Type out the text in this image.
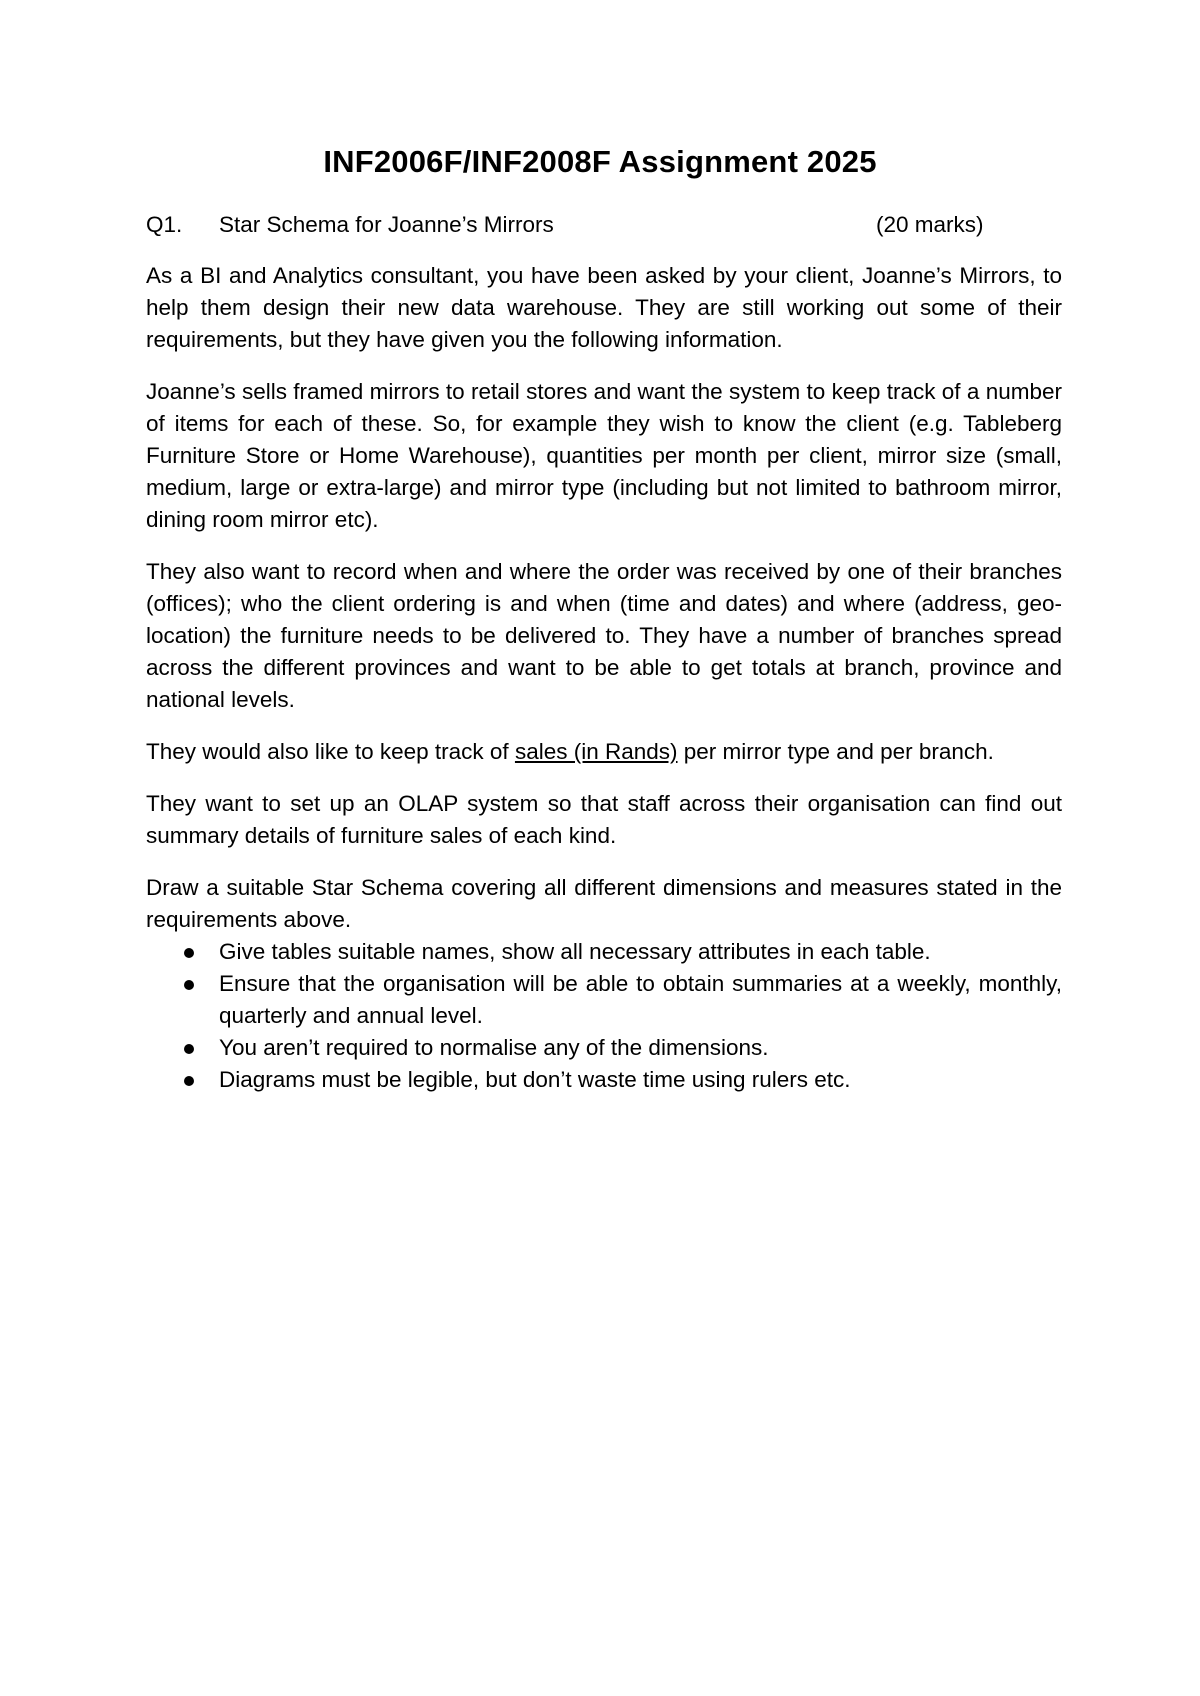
INF2006F/INF2008F Assignment 2025
Q1. Star Schema for Joanne’s Mirrors	(20 marks)

As a BI and Analytics consultant, you have been asked by your client, Joanne’s Mirrors, to help them design their new data warehouse. They are still working out some of their requirements, but they have given you the following information.

Joanne’s sells framed mirrors to retail stores and want the system to keep track of a number of items for each of these. So, for example they wish to know the client (e.g. Tableberg Furniture Store or Home Warehouse), quantities per month per client, mirror size (small, medium, large or extra-large) and mirror type (including but not limited to bathroom mirror, dining room mirror etc).

They also want to record when and where the order was received by one of their branches (offices); who the client ordering is and when (time and dates) and where (address, geo-location) the furniture needs to be delivered to. They have a number of branches spread across the different provinces and want to be able to get totals at branch, province and national levels.

They would also like to keep track of sales (in Rands) per mirror type and per branch.

They want to set up an OLAP system so that staff across their organisation can find out summary details of furniture sales of each kind.

Draw a suitable Star Schema covering all different dimensions and measures stated in the requirements above.

Give tables suitable names, show all necessary attributes in each table.
Ensure that the organisation will be able to obtain summaries at a weekly, monthly, quarterly and annual level.
You aren’t required to normalise any of the dimensions.
Diagrams must be legible, but don’t waste time using rulers etc.
